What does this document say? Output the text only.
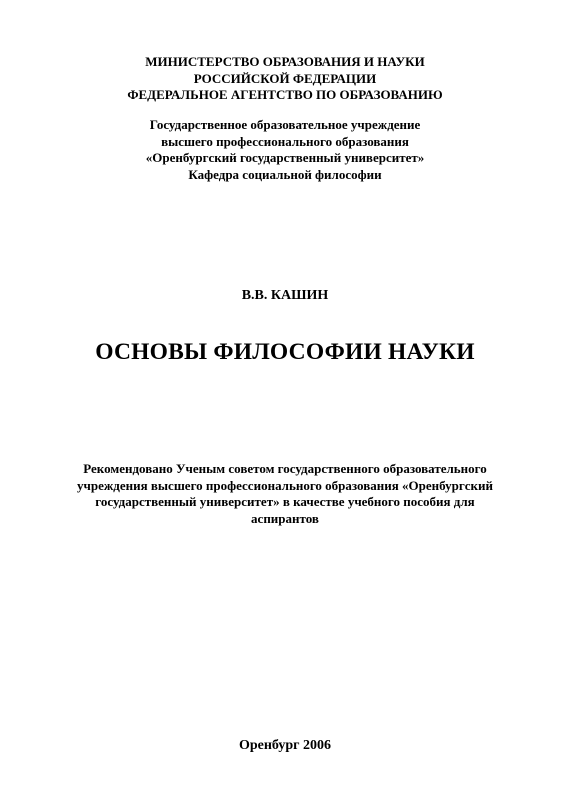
МИНИСТЕРСТВО ОБРАЗОВАНИЯ И НАУКИ
РОССИЙСКОЙ ФЕДЕРАЦИИ
ФЕДЕРАЛЬНОЕ АГЕНТСТВО ПО ОБРАЗОВАНИЮ
Государственное образовательное учреждение
высшего профессионального образования
«Оренбургский государственный университет»
Кафедра социальной философии
В.В. КАШИН
ОСНОВЫ ФИЛОСОФИИ НАУКИ
Рекомендовано Ученым советом государственного образовательного
учреждения высшего профессионального образования «Оренбургский
государственный университет» в качестве учебного пособия для
аспирантов
Оренбург 2006
